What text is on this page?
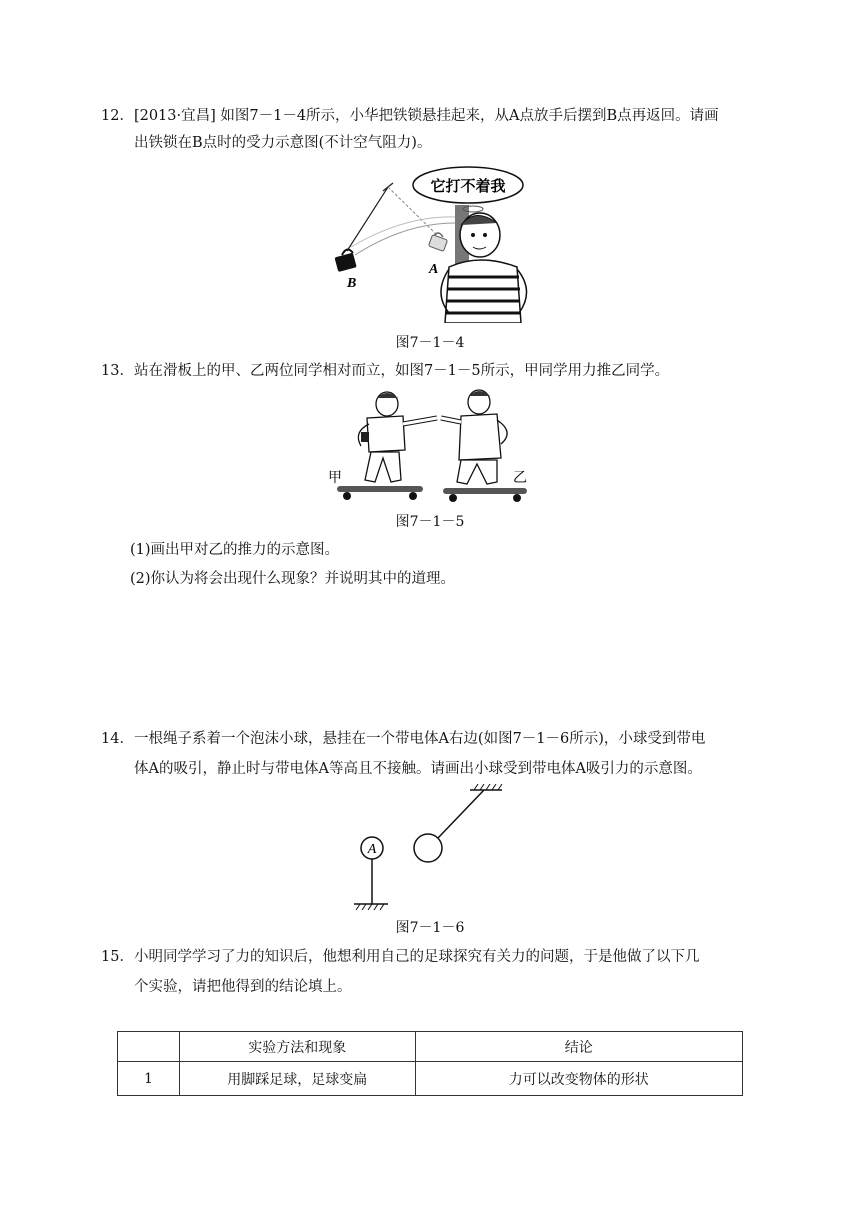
12．[2013·宜昌] 如图7－1－4所示，小华把铁锁悬挂起来，从A点放手后摆到B点再返回。请画
出铁锁在B点时的受力示意图(不计空气阻力)。
B
A
它打不着我
图7－1－4
13．站在滑板上的甲、乙两位同学相对而立，如图7－1－5所示，甲同学用力推乙同学。
甲	乙
图7－1－5
(1)画出甲对乙的推力的示意图。
(2)你认为将会出现什么现象？并说明其中的道理。
14．一根绳子系着一个泡沫小球，悬挂在一个带电体A右边(如图7－1－6所示)，小球受到带电
体A的吸引，静止时与带电体A等高且不接触。请画出小球受到带电体A吸引力的示意图。
A
图7－1－6
15．小明同学学习了力的知识后，他想利用自己的足球探究有关力的问题，于是他做了以下几
个实验，请把他得到的结论填上。
	实验方法和现象	结论
1	用脚踩足球，足球变扁	力可以改变物体的形状
